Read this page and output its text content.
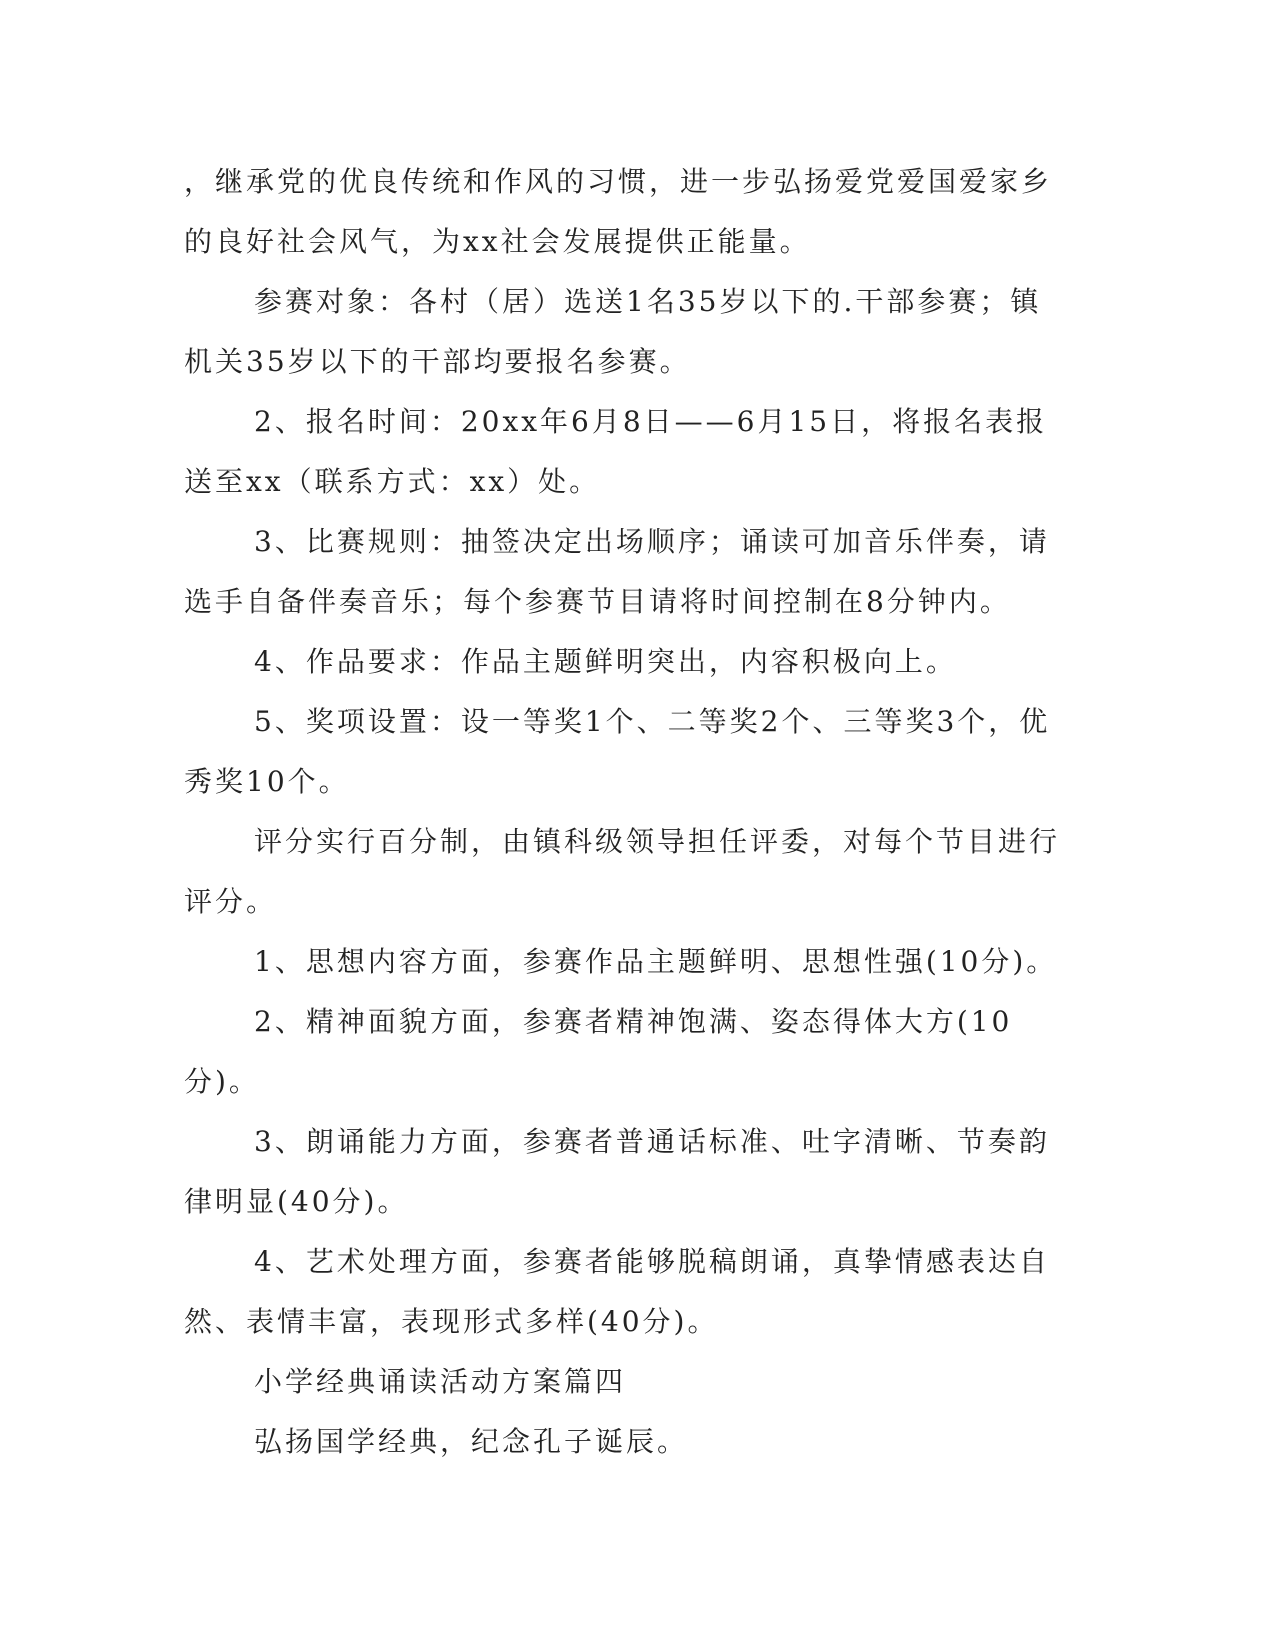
，继承党的优良传统和作风的习惯，进一步弘扬爱党爱国爱家乡的良好社会风气，为xx社会发展提供正能量。

参赛对象：各村（居）选送1名35岁以下的.干部参赛；镇机关35岁以下的干部均要报名参赛。

2、报名时间：20xx年6月8日——6月15日，将报名表报送至xx（联系方式：xx）处。

3、比赛规则：抽签决定出场顺序；诵读可加音乐伴奏，请选手自备伴奏音乐；每个参赛节目请将时间控制在8分钟内。

4、作品要求：作品主题鲜明突出，内容积极向上。

5、奖项设置：设一等奖1个、二等奖2个、三等奖3个，优秀奖10个。

评分实行百分制，由镇科级领导担任评委，对每个节目进行评分。

1、思想内容方面，参赛作品主题鲜明、思想性强(10分)。

2、精神面貌方面，参赛者精神饱满、姿态得体大方(10分)。

3、朗诵能力方面，参赛者普通话标准、吐字清晰、节奏韵律明显(40分)。

4、艺术处理方面，参赛者能够脱稿朗诵，真挚情感表达自然、表情丰富，表现形式多样(40分)。

小学经典诵读活动方案篇四

弘扬国学经典，纪念孔子诞辰。
